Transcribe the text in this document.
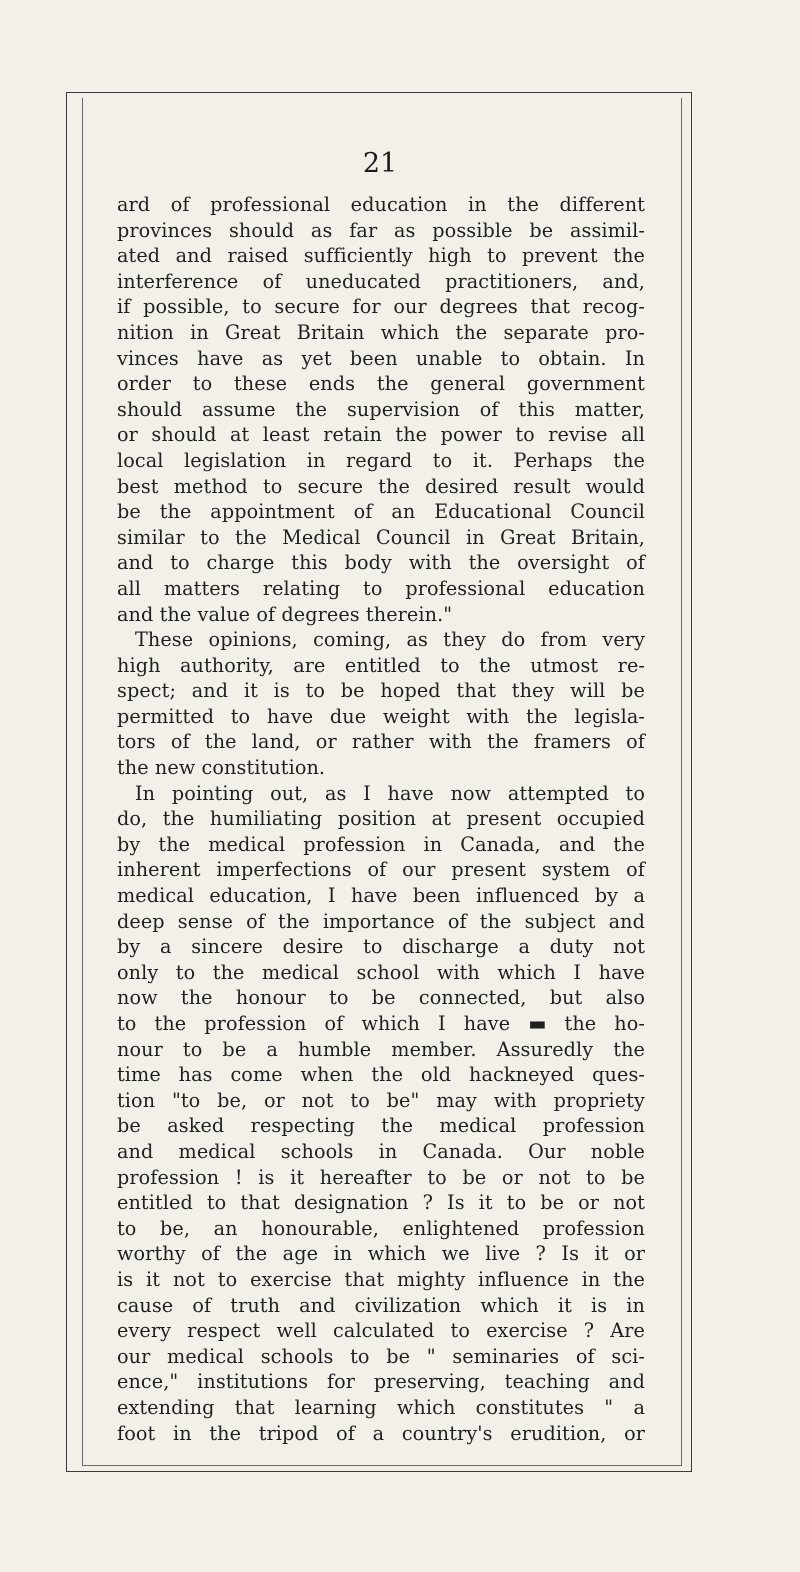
21
ard of professional education in the different
provinces should as far as possible be assimil-
ated and raised sufficiently high to prevent the
interference of uneducated practitioners, and,
if possible, to secure for our degrees that recog-
nition in Great Britain which the separate pro-
vinces have as yet been unable to obtain. In
order to these ends the general government
should assume the supervision of this matter,
or should at least retain the power to revise all
local legislation in regard to it. Perhaps the
best method to secure the desired result would
be the appointment of an Educational Council
similar to the Medical Council in Great Britain,
and to charge this body with the oversight of
all matters relating to professional education
and the value of degrees therein."
These opinions, coming, as they do from very
high authority, are entitled to the utmost re-
spect; and it is to be hoped that they will be
permitted to have due weight with the legisla-
tors of the land, or rather with the framers of
the new constitution.
In pointing out, as I have now attempted to
do, the humiliating position at present occupied
by the medical profession in Canada, and the
inherent imperfections of our present system of
medical education, I have been influenced by a
deep sense of the importance of the subject and
by a sincere desire to discharge a duty not
only to the medical school with which I have
now the honour to be connected, but also
to the profession of which I have ▬ the ho-
nour to be a humble member. Assuredly the
time has come when the old hackneyed ques-
tion "to be, or not to be" may with propriety
be asked respecting the medical profession
and medical schools in Canada. Our noble
profession ! is it hereafter to be or not to be
entitled to that designation ? Is it to be or not
to be, an honourable, enlightened profession
worthy of the age in which we live ? Is it or
is it not to exercise that mighty influence in the
cause of truth and civilization which it is in
every respect well calculated to exercise ? Are
our medical schools to be " seminaries of sci-
ence," institutions for preserving, teaching and
extending that learning which constitutes " a
foot in the tripod of a country's erudition, or
